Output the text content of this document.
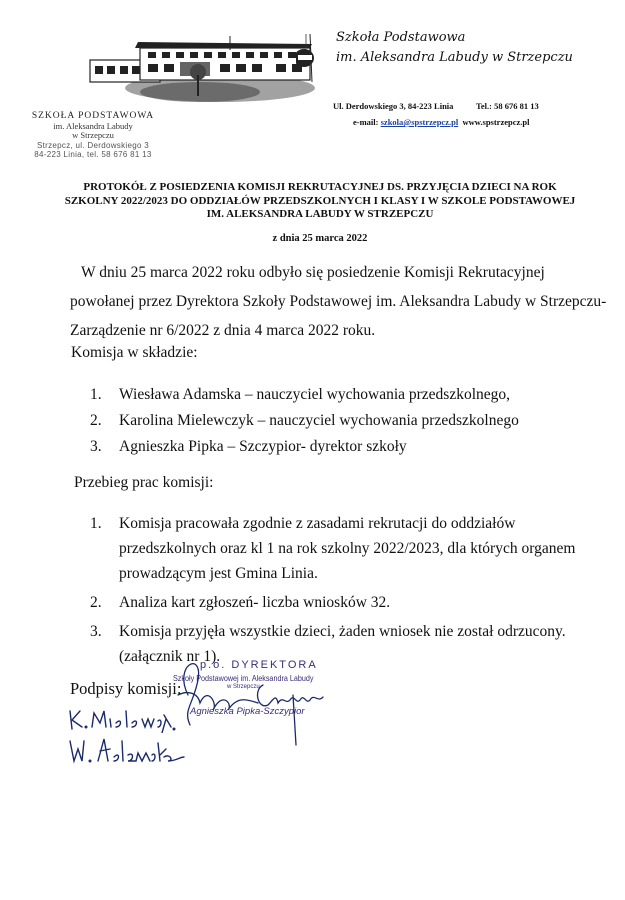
SZKOŁA PODSTAWOWA
im. Aleksandra Labudy
w Strzepczu
Strzepcz, ul. Derdowskiego 3
84-223 Linia, tel. 58 676 81 13
Szkoła Podstawowa
im. Aleksandra Labudy w Strzepczu
Ul. Derdowskiego 3, 84-223 Linia	Tel.: 58 676 81 13
e-mail: szkola@spstrzepcz.pl www.spstrzepcz.pl
PROTOKÓŁ Z POSIEDZENIA KOMISJI REKRUTACYJNEJ DS. PRZYJĘCIA DZIECI NA ROK SZKOLNY 2022/2023 DO ODDZIAŁÓW PRZEDSZKOLNYCH I KLASY I W SZKOLE PODSTAWOWEJ IM. ALEKSANDRA LABUDY W STRZEPCZU
z dnia 25 marca 2022
W dniu 25 marca 2022 roku odbyło się posiedzenie Komisji Rekrutacyjnej powołanej przez Dyrektora Szkoły Podstawowej im. Aleksandra Labudy w Strzepczu- Zarządzenie nr 6/2022 z dnia 4 marca 2022 roku.
Komisja w składzie:
1. Wiesława Adamska – nauczyciel wychowania przedszkolnego,
2. Karolina Mielewczyk – nauczyciel wychowania przedszkolnego
3. Agnieszka Pipka – Szczypior- dyrektor szkoły
Przebieg prac komisji:
1. Komisja pracowała zgodnie z zasadami rekrutacji do oddziałów przedszkolnych oraz kl 1 na rok szkolny 2022/2023, dla których organem prowadzącym jest Gmina Linia.
2. Analiza kart zgłoszeń- liczba wniosków 32.
3. Komisja przyjęła wszystkie dzieci, żaden wniosek nie został odrzucony. (załącznik nr 1).
Podpisy komisji:
p.o. DYREKTORA
Szkoły Podstawowej im. Aleksandra Labudy
w Strzepczu
Agnieszka Pipka-Szczypior
